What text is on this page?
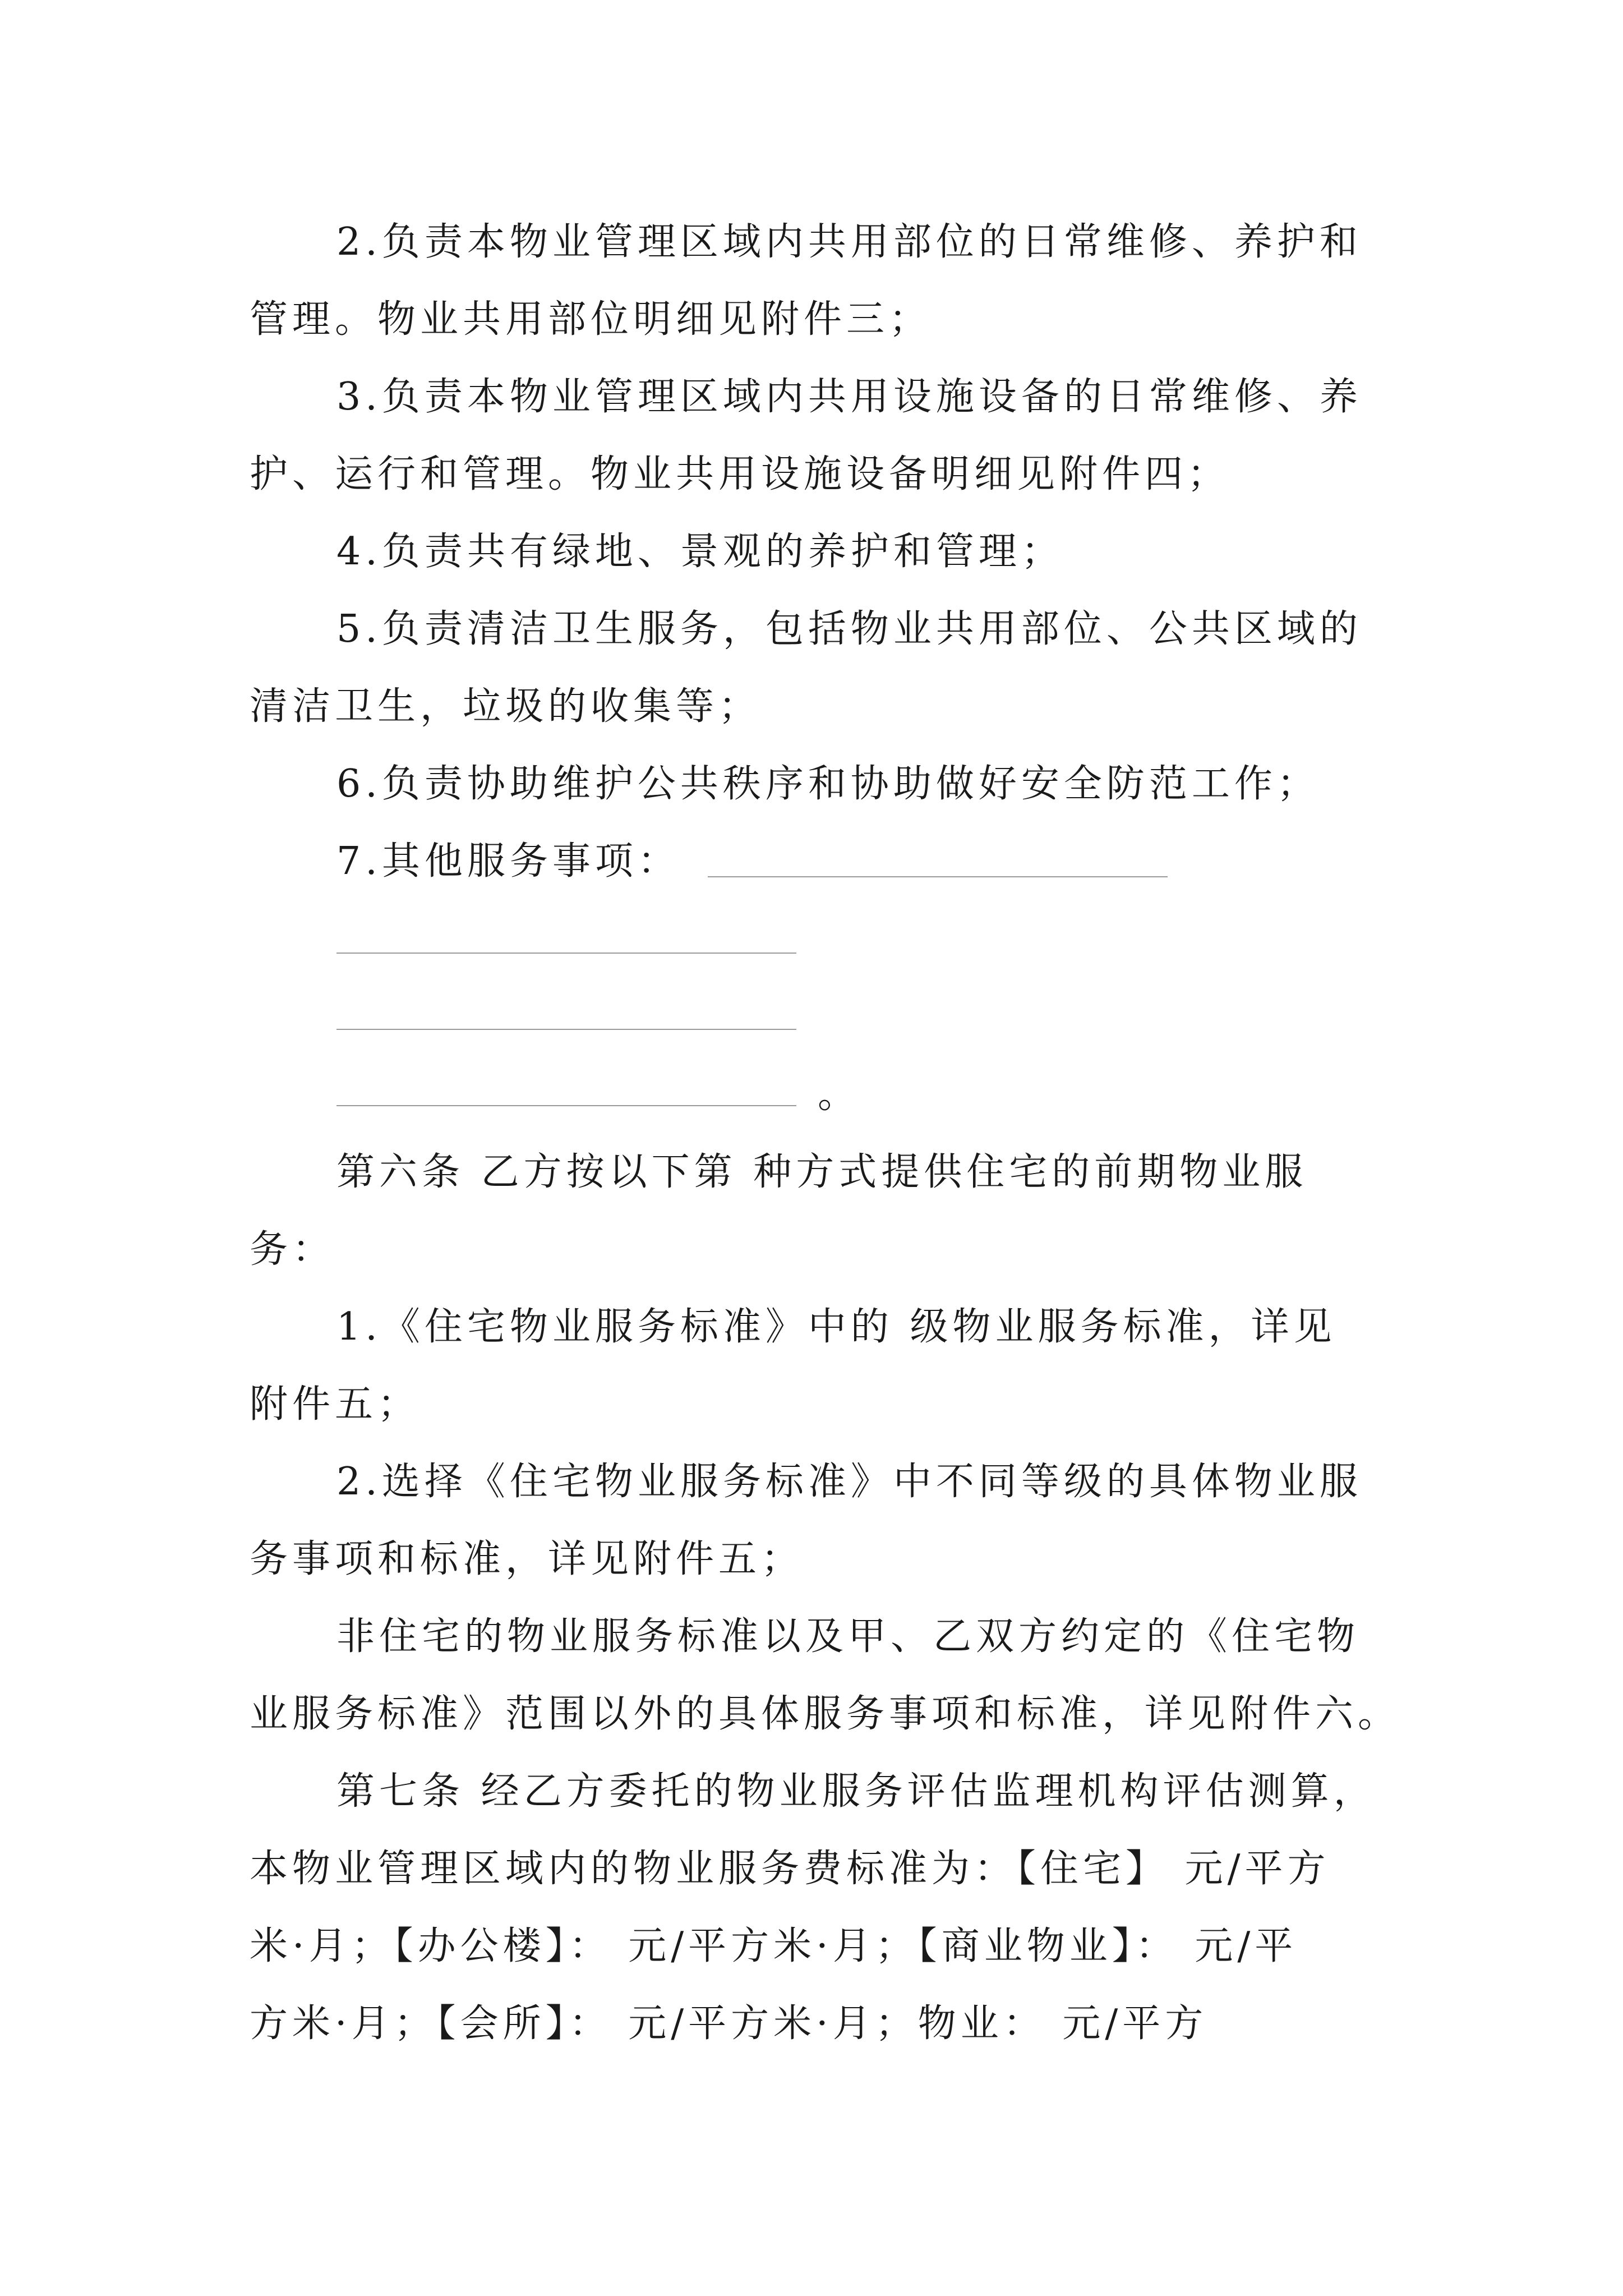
2.负责本物业管理区域内共用部位的日常维修、养护和
管理。物业共用部位明细见附件三；
3.负责本物业管理区域内共用设施设备的日常维修、养
护、运行和管理。物业共用设施设备明细见附件四；
4.负责共有绿地、景观的养护和管理；
5.负责清洁卫生服务，包括物业共用部位、公共区域的
清洁卫生，垃圾的收集等；
6.负责协助维护公共秩序和协助做好安全防范工作；
7.其他服务事项：
。
第六条 乙方按以下第 种方式提供住宅的前期物业服
务：
1.《住宅物业服务标准》中的 级物业服务标准，详见
附件五；
2.选择《住宅物业服务标准》中不同等级的具体物业服
务事项和标准，详见附件五；
非住宅的物业服务标准以及甲、乙双方约定的《住宅物
业服务标准》范围以外的具体服务事项和标准，详见附件六。
第七条 经乙方委托的物业服务评估监理机构评估测算，
本物业管理区域内的物业服务费标准为：【住宅】 元/平方
米·月；【办公楼】： 元/平方米·月；【商业物业】： 元/平
方米·月；【会所】： 元/平方米·月；物业： 元/平方
